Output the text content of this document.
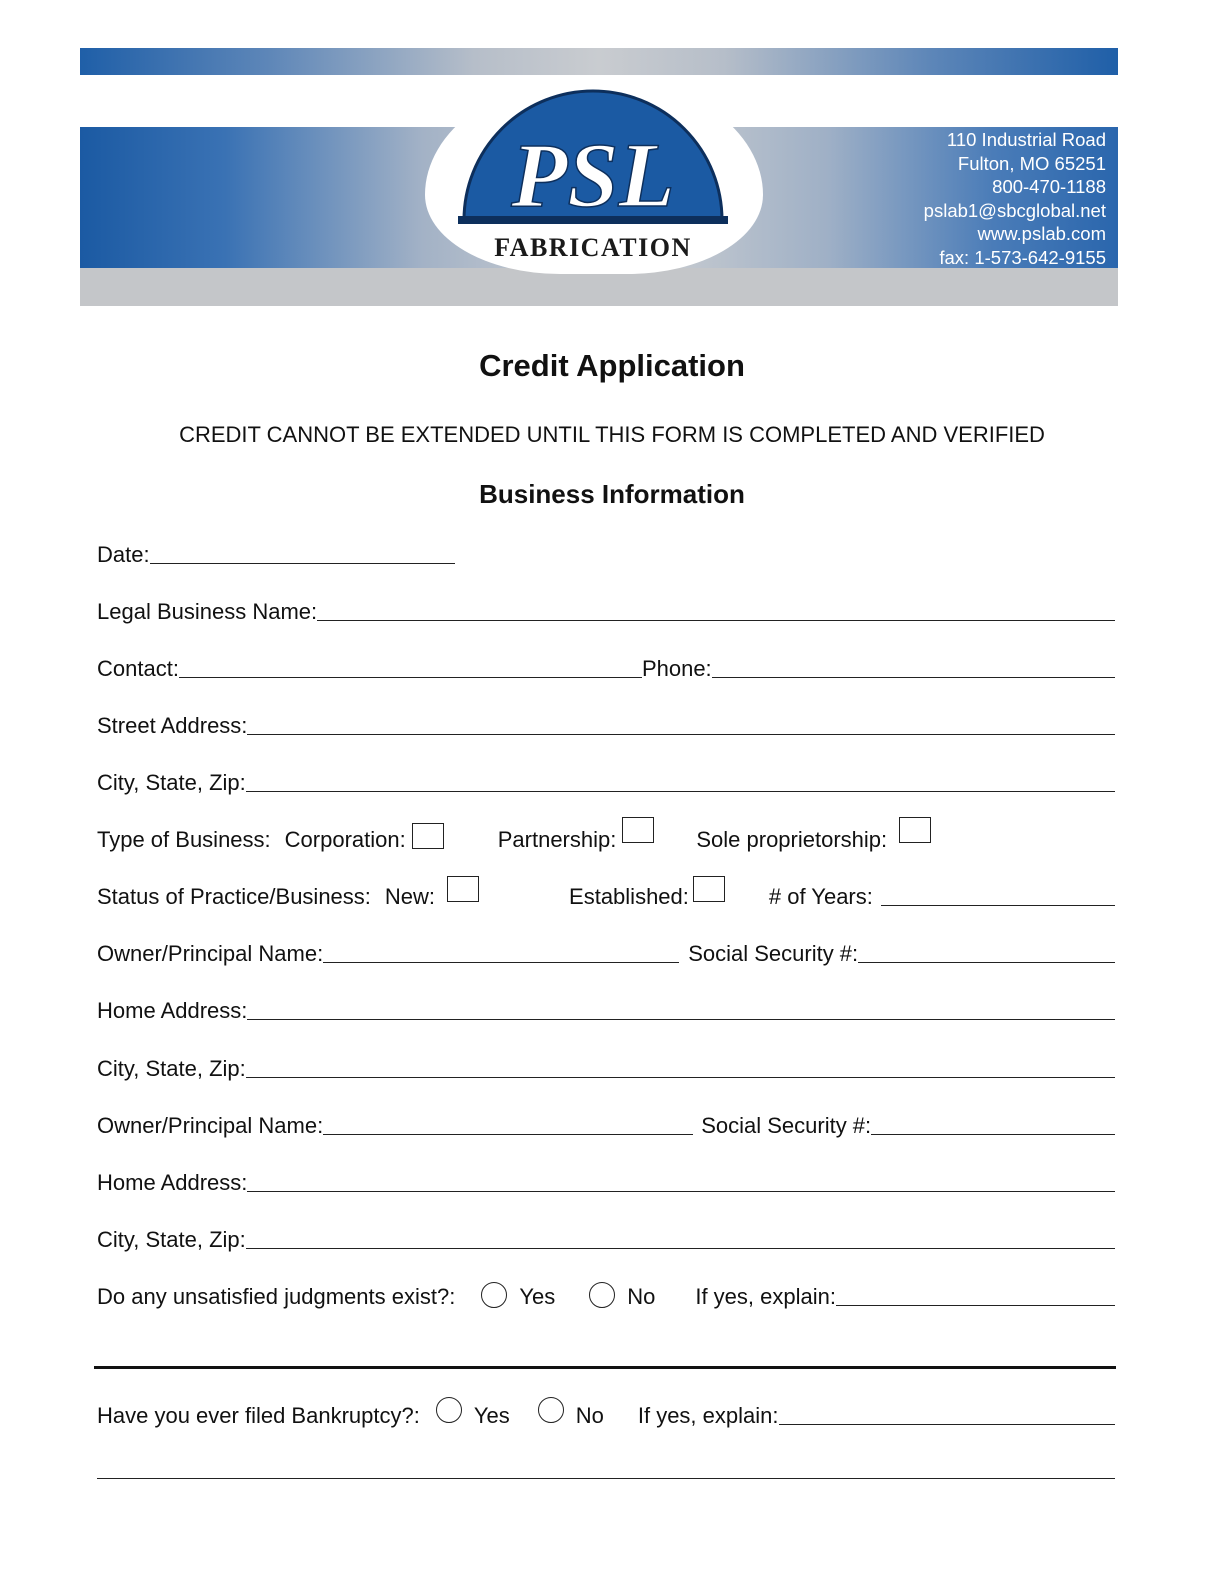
PSL
FABRICATION
110 Industrial Road
Fulton, MO 65251
800-470-1188
pslab1@sbcglobal.net
www.pslab.com
fax: 1-573-642-9155
Credit Application
CREDIT CANNOT BE EXTENDED UNTIL THIS FORM IS COMPLETED AND VERIFIED
Business Information
Date:
Legal Business Name:
Contact:	Phone:
Street Address:
City, State, Zip:
Type of Business: Corporation:	Partnership:	Sole proprietorship:
Status of Practice/Business: New:	Established:	# of Years:
Owner/Principal Name:	Social Security #:
Home Address:
City, State, Zip:
Owner/Principal Name:	Social Security #:
Home Address:
City, State, Zip:
Do any unsatisfied judgments exist?:	Yes	No If yes, explain:
Have you ever filed Bankruptcy?: Yes	No If yes, explain:
